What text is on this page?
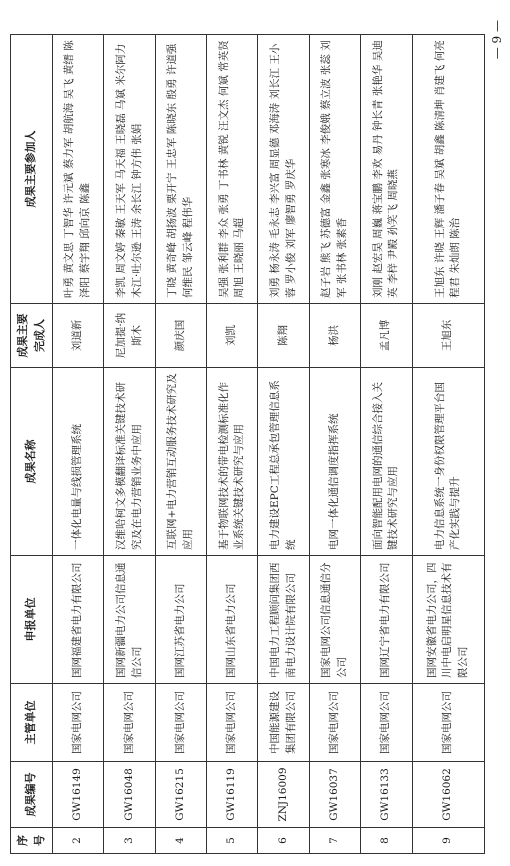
序号	成果编号	主管单位	申报单位	成果名称	成果主要完成人	成果主要参加人
2	GW16149	国家电网公司	国网福建省电力有限公司	一体化电量与线损管理系统	刘道新	叶勇 黄文思 丁智华 许元斌 蔡力军 胡航海 吴飞 黄缙 陈泽阳 蔡宇翔 邱向京 陈鑫
3	GW16048	国家电网公司	国网新疆电力公司信息通信公司	汉维哈柯文多模翻译标准关键技术研究及在电力营销业务中应用	尼加提·纳斯木	李凯 周文婷 秦敏 王天军 马天福 王晓磊 马斌 米尔阿力木江·吐尔逊 王涛 余长江 钟方伟 张娟
4	GW16215	国家电网公司	国网江苏省电力公司	互联网+电力营销互动服务技术研究及应用	颜庆国	丁晓 黄奇峰 胡扬波 栗开宁 王忠军 陈晓东 殷勇 许道强 何维民 邹云峰 程伟华
5	GW16119	国家电网公司	国网山东省电力公司	基于物联网技术的带电检测标准化作业系统关键技术研究与应用	刘凯	吴强 张利群 李众 张勇 丁书林 黄锐 汪文杰 何斌 常英贤 周旭 王晓丽 马超
6	ZNJ16009	中国能源建设集团有限公司	中国电力工程顾问集团西南电力设计院有限公司	电力建设EPC工程总承包管理信息系统	陈翔	刘勇 杨永涛 毛永志 李兴富 周显德 邓海涛 刘长江 王小蓉 罗小俊 刘军 廖智勇 罗庆华
7	GW16037	国家电网公司	国家电网公司信息通信分公司	电网一体化通信调度指挥系统	杨洪	赵子岩 熊飞 苏德富 金鑫 张寒冰 李俊娥 蔡立波 张蕊 刘军 张书林 张素香
8	GW16133	国家电网公司	国网辽宁省电力有限公司	面向智能配用电网的通信综合接入关键技术研究与应用	孟凡博	刘刚 赵宏昊 周巍 蒋宝鹏 李欢 易丹 钟长青 张艳华 吴迪英 李梓 尹殿 孙笑飞 周晓燕
9	GW16062	国家电网公司	国网安徽省电力公司，四川中电启明星信息技术有限公司	电力信息系统一身份权限管理平台国产化实践与提升	王旭东	王旭东 许晓 王辉 潘子春 吴斌 胡鑫 陈清坤 肖建飞 何亮 程君 朱灿朗 陈治
— 9 —
